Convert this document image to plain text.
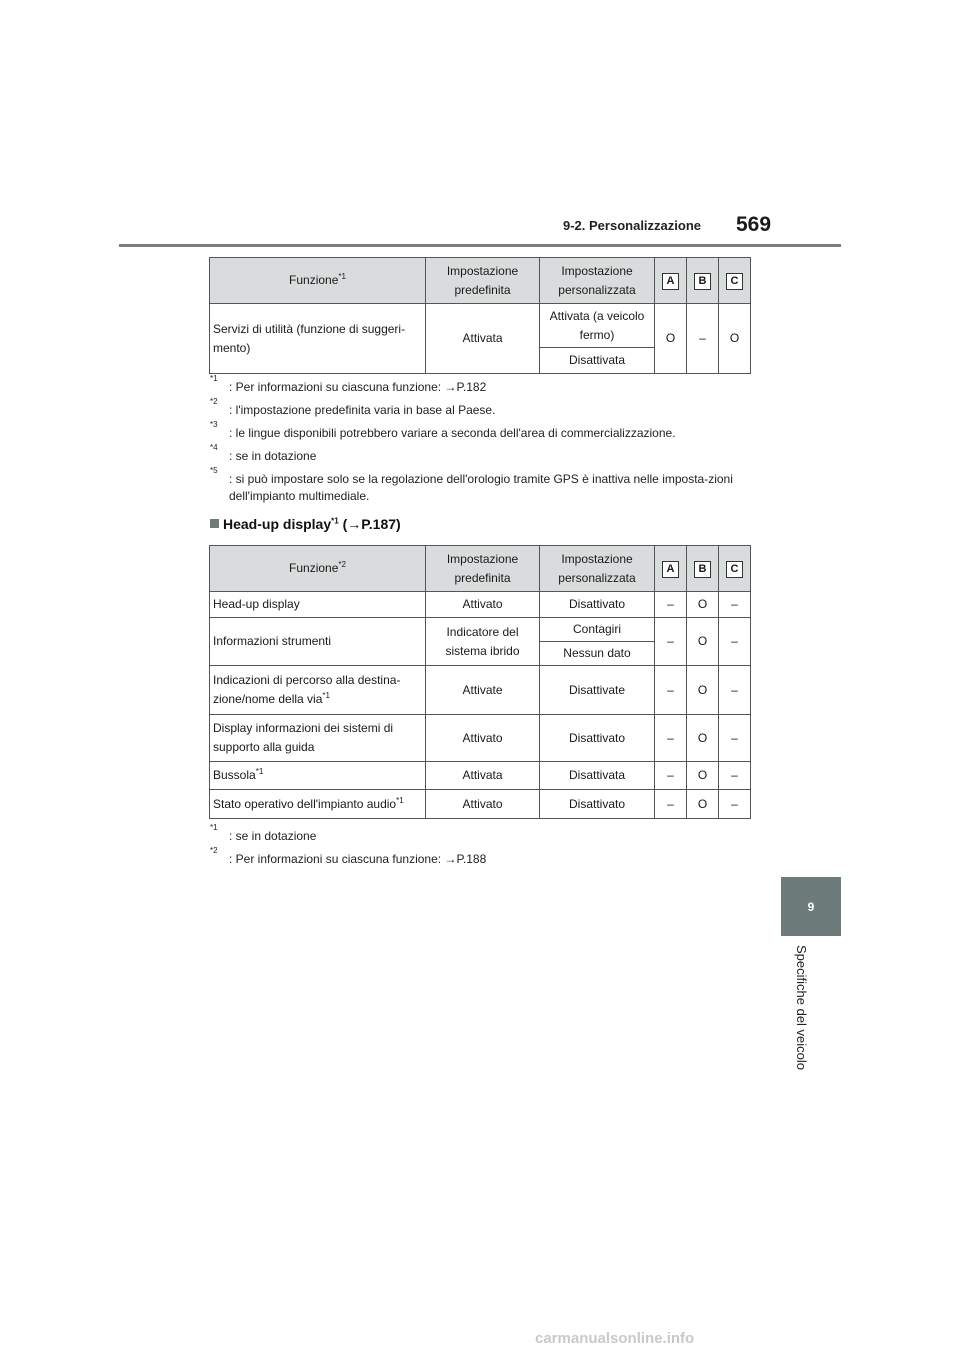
9-2. Personalizzazione 569
9
Specifiche del veicolo
Funzione$^{*1}$	Impostazione predefinita	Impostazione personalizzata	A	B	C
Servizi di utilità (funzione di suggeri-mento)	Attivata	Attivata (a veicolo fermo)	O	–	O
		Disattivata			

*1
: Per informazioni su ciascuna funzione: →P.182

*2
: l'impostazione predefinita varia in base al Paese.

*3
: le lingue disponibili potrebbero variare a seconda dell'area di commercializzazione.

*4
: se in dotazione

*5
: si può impostare solo se la regolazione dell'orologio tramite GPS è inattiva nelle imposta-zioni dell'impianto multimediale.

Head-up display$^{*1}$ (→P.187)
Funzione$^{*2}$	Impostazione predefinita	Impostazione personalizzata	A	B	C
Head-up display	Attivato	Disattivato	–	O	–
Informazioni strumenti	Indicatore del sistema ibrido	Contagiri	–	O	–
		Nessun dato			
Indicazioni di percorso alla destina-zione/nome della via$^{*1}$	Attivate	Disattivate	–	O	–
Display informazioni dei sistemi di supporto alla guida	Attivato	Disattivato	–	O	–
Bussola$^{*1}$	Attivata	Disattivata	–	O	–
Stato operativo dell'impianto audio$^{*1}$	Attivato	Disattivato	–	O	–

*1
: se in dotazione

*2
: Per informazioni su ciascuna funzione: →P.188

carmanualsonline.info
